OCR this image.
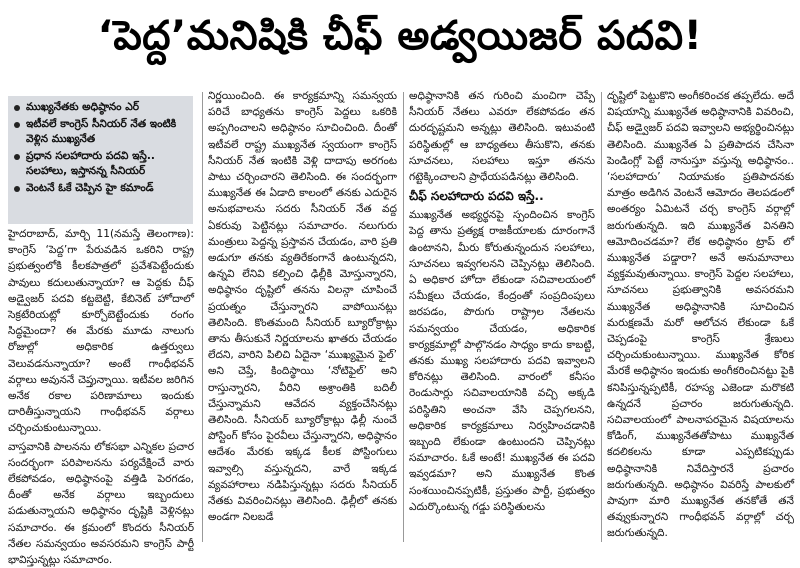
‘పెద్ద’మనిషికి చీఫ్ అడ్వయిజర్ పదవి!

హైదరాబాద్, మార్చి 11(నమస్తే తెలంగాణ): కాంగ్రెస్ ‘పెద్ద’గా పేరువడిన ఒకరిని రాష్ట్ర ప్రభుత్వంలోకి కీలకపాత్రలో ప్రవేశపెట్టేందుకు పావులు కదులుతున్నాయా? ఆ పెద్దకు చీఫ్ అడ్వైజర్ పదవి కట్టబెట్టి, కేబినెట్ హోదాలో సెక్రటేరియట్లో కూర్చోబెట్టేందుకు రంగం సిద్ధమైందా? ఈ మేరకు మూడు నాలుగు రోజుల్లో అధికారిక ఉత్తర్వులు వెలువడనున్నాయా? అంటే గాంధీభవన్ వర్గాలు అవుననే చెప్తున్నాయి. ఇటీవల జరిగిన అనేక రకాల పరిణామాలు ఇందుకు దారితీస్తున్నాయని గాంధీభవన్ వర్గాలు చర్చించుకుంటున్నాయి.

వాస్తవానికి పాలనను లోకసభా ఎన్నికల ప్రచార సందర్భంగా పరిపాలనను పర్యవేక్షించే వారు లేకపోవడం, అధిష్ఠానంపై వత్తిడి పెరగడం, దీంతో అనేక వర్గాలు ఇబ్బందులు పడుతున్నాయని అధిష్ఠానం దృష్టికి వెళ్లినట్లు సమాచారం. ఈ క్రమంలో కొందరు సీనియర్ నేతల సమన్వయం అవసరమని కాంగ్రెస్ పార్టీ భావిస్తున్నట్లు సమాచారం.

నిర్ణయించింది. ఈ కార్యక్రమాన్ని సమన్వయ పరిచే బాధ్యతను కాంగ్రెస్ పెద్దలు ఒకరికి అప్పగించాలని అధిష్ఠానం సూచించింది. దీంతో ఇటీవలే రాష్ట్ర ముఖ్యనేత స్వయంగా కాంగ్రెస్ సీనియర్ నేత ఇంటికి వెళ్లి దాదాపు అరగంట పాటు చర్చించారని తెలిసింది. ఈ సందర్భంగా ముఖ్యనేత ఈ ఏడాది కాలంలో తనకు ఎదురైన అనుభవాలను సదరు సీనియర్ నేత వద్ద ఏకరువు పెట్టినట్లు సమాచారం. నలుగురు మంత్రులు పెద్దన్న ప్రస్తావన చేయడం, వారి ప్రతి అడుగూ తనకు వ్యతిరేకంగానే ఉంటున్నదని, ఉన్నవి లేనివి కల్పించి ఢిల్లీకి మోస్తున్నారని, అధిష్ఠానం దృష్టిలో తనను విలన్గా చూపించే ప్రయత్నం చేస్తున్నారని వాపోయినట్లు తెలిసింది. కొంతమంది సీనియర్ బ్యూరోక్రాట్లు తాను తీసుకునే నిర్ణయాలను ఖాతరు చేయడం లేదని, వారిని పిలిచి ఏదైనా ‘ముఖ్యమైన ఫైల్’ అని చెప్తే, కిందిస్థాయి ‘నోటిఫైల్’ అని రాస్తున్నారని, వీరిని అశ్రాంతికి బదిలీ చేస్తున్నామని ఆవేదన వ్యక్తంచేసినట్లు తెలిసింది. సీనియర్ బ్యూరోక్రాట్లు ఢిల్లీ నుంచే పోస్టింగ్ కోసం పైరవీలు చేస్తున్నారని, అధిష్ఠానం ఆదేశం మేరకు ఇక్కడ కీలక పోస్టింగులు ఇవ్వాల్సి వస్తున్నదని, వారే ఇక్కడ వ్యవహారాలు నడిపిస్తున్నట్లు సదరు సీనియర్ నేతకు వివరించినట్లు తెలిసింది. ఢిల్లీలో తనకు అండగా నిలబడే

అధిష్ఠానానికి తన గురించి మంచిగా చెప్పే సీనియర్ నేతలు ఎవరూ లేకపోవడం తన దురదృష్టమని అన్నట్లు తెలిసింది. ఇటువంటి పరిస్థితుల్లో ఆ బాధ్యతలు తీసుకొని, తనకు సూచనలు, సలహాలు ఇస్తూ తనను గట్టెక్కించాలని ప్రాధేయపడినట్లు తెలిసింది.

చీఫ్ సలహాదారు పదవి ఇస్తే..

ముఖ్యనేత అభ్యర్థనపై స్పందించిన కాంగ్రెస్ పెద్ద తాను ప్రత్యక్ష రాజకీయాలకు దూరంగానే ఉంటానని, మీరు కోరుతున్నందున సలహాలు, సూచనలు ఇవ్వగలనని చెప్పినట్లు తెలిసింది. ఏ అధికార హోదా లేకుండా సచివాలయంలో సమీక్షలు చేయడం, కేంద్రంతో సంప్రదింపులు జరపడం, పొరుగు రాష్ట్రాల నేతలను సమన్వయం చేయడం, అధికారిక కార్యక్రమాల్లో పాల్గొనడం సాధ్యం కాదు కాబట్టి, తనకు ముఖ్య సలహాదారు పదవి ఇవ్వాలని కోరినట్లు తెలిసింది. వారంలో కనీసం రెండుసార్లు సచివాలయానికి వచ్చి అక్కడి పరిస్థితిని అంచనా వేసి చెప్పగలనని, అధికారిక కార్యక్రమాలు నిర్వహించడానికి ఇబ్బంది లేకుండా ఉంటుందని చెప్పినట్లు సమాచారం. ఓకే అంటే! ముఖ్యనేత ఈ పదవి ఇవ్వడమా? అని ముఖ్యనేత కొంత సంశయించినప్పటికీ, ప్రస్తుతం పార్టీ, ప్రభుత్వం ఎదుర్కొంటున్న గడ్డు పరిస్థితులను

దృష్టిలో పెట్టుకొని అంగీకరించక తప్పలేదు. అదే విషయాన్ని ముఖ్యనేత అధిష్ఠానానికి వివరించి, చీఫ్ అడ్వైజర్ పదవి ఇవ్వాలని అభ్యర్థించినట్లు తెలిసింది. ముఖ్యనేత ఏ ప్రతిపాదన చేసినా పెండింగ్లో పెట్టే నానుస్తూ వస్తున్న అధిష్ఠానం.. ‘సలహాదారు’ నియామకం ప్రతిపాదనకు మాత్రం అడిగిన వెంటనే ఆమోదం తెలపడంలో అంతర్యం ఏమిటనే చర్చ కాంగ్రెస్ వర్గాల్లో జరుగుతున్నది. ఇది ముఖ్యనేత వినతిని ఆమోదించడమా? లేక అధిష్ఠానం ట్రాప్ లో ముఖ్యనేత పడ్డారా? అనే అనుమానాలు వ్యక్తమవుతున్నాయి. కాంగ్రెస్ పెద్దల సలహాలు, సూచనలు ప్రభుత్వానికి అవసరమని ముఖ్యనేత అధిష్ఠానానికి సూచించిన మరుక్షణమే మరో ఆలోచన లేకుండా ఓకే చెప్పడంపై కాంగ్రెస్ శ్రేణులు చర్చించుకుంటున్నాయి. ముఖ్యనేత కోరిక మేరకే అధిష్ఠానం ఇందుకు అంగీకరించినట్టు పైకి కనిపిస్తున్నప్పటికీ, రహస్య ఎజెండా మరొకటి ఉన్నదనే ప్రచారం జరుగుతున్నది. సచివాలయంలో పాలనాపరమైన విషయాలను కోడింగ్, ముఖ్యనేతతోపాటు ముఖ్యనేత కదలికలను కూడా ఎప్పటికప్పుడు అధిష్ఠానానికి నివేదిస్తారనే ప్రచారం జరుగుతున్నది. అధిష్ఠానం వివరిస్తే పాలకులో పావుగా మారి ముఖ్యనేత తనకోతే తనే తవ్వుకున్నారని గాంధీభవన్ వర్గాల్లో చర్చ జరుగుతున్నది.

ముఖ్యనేతకు అధిష్ఠానం ఎర్
ఇటీవలే కాంగ్రెస్ సీనియర్ నేత ఇంటికి వెళ్లిన ముఖ్యనేత
ప్రధాన సలహాదారు పదవి ఇస్తే.. సలహాలు, ఇస్తానన్న సీనియర్
వెంటనే ఓకే చెప్పిన హై కమాండ్
